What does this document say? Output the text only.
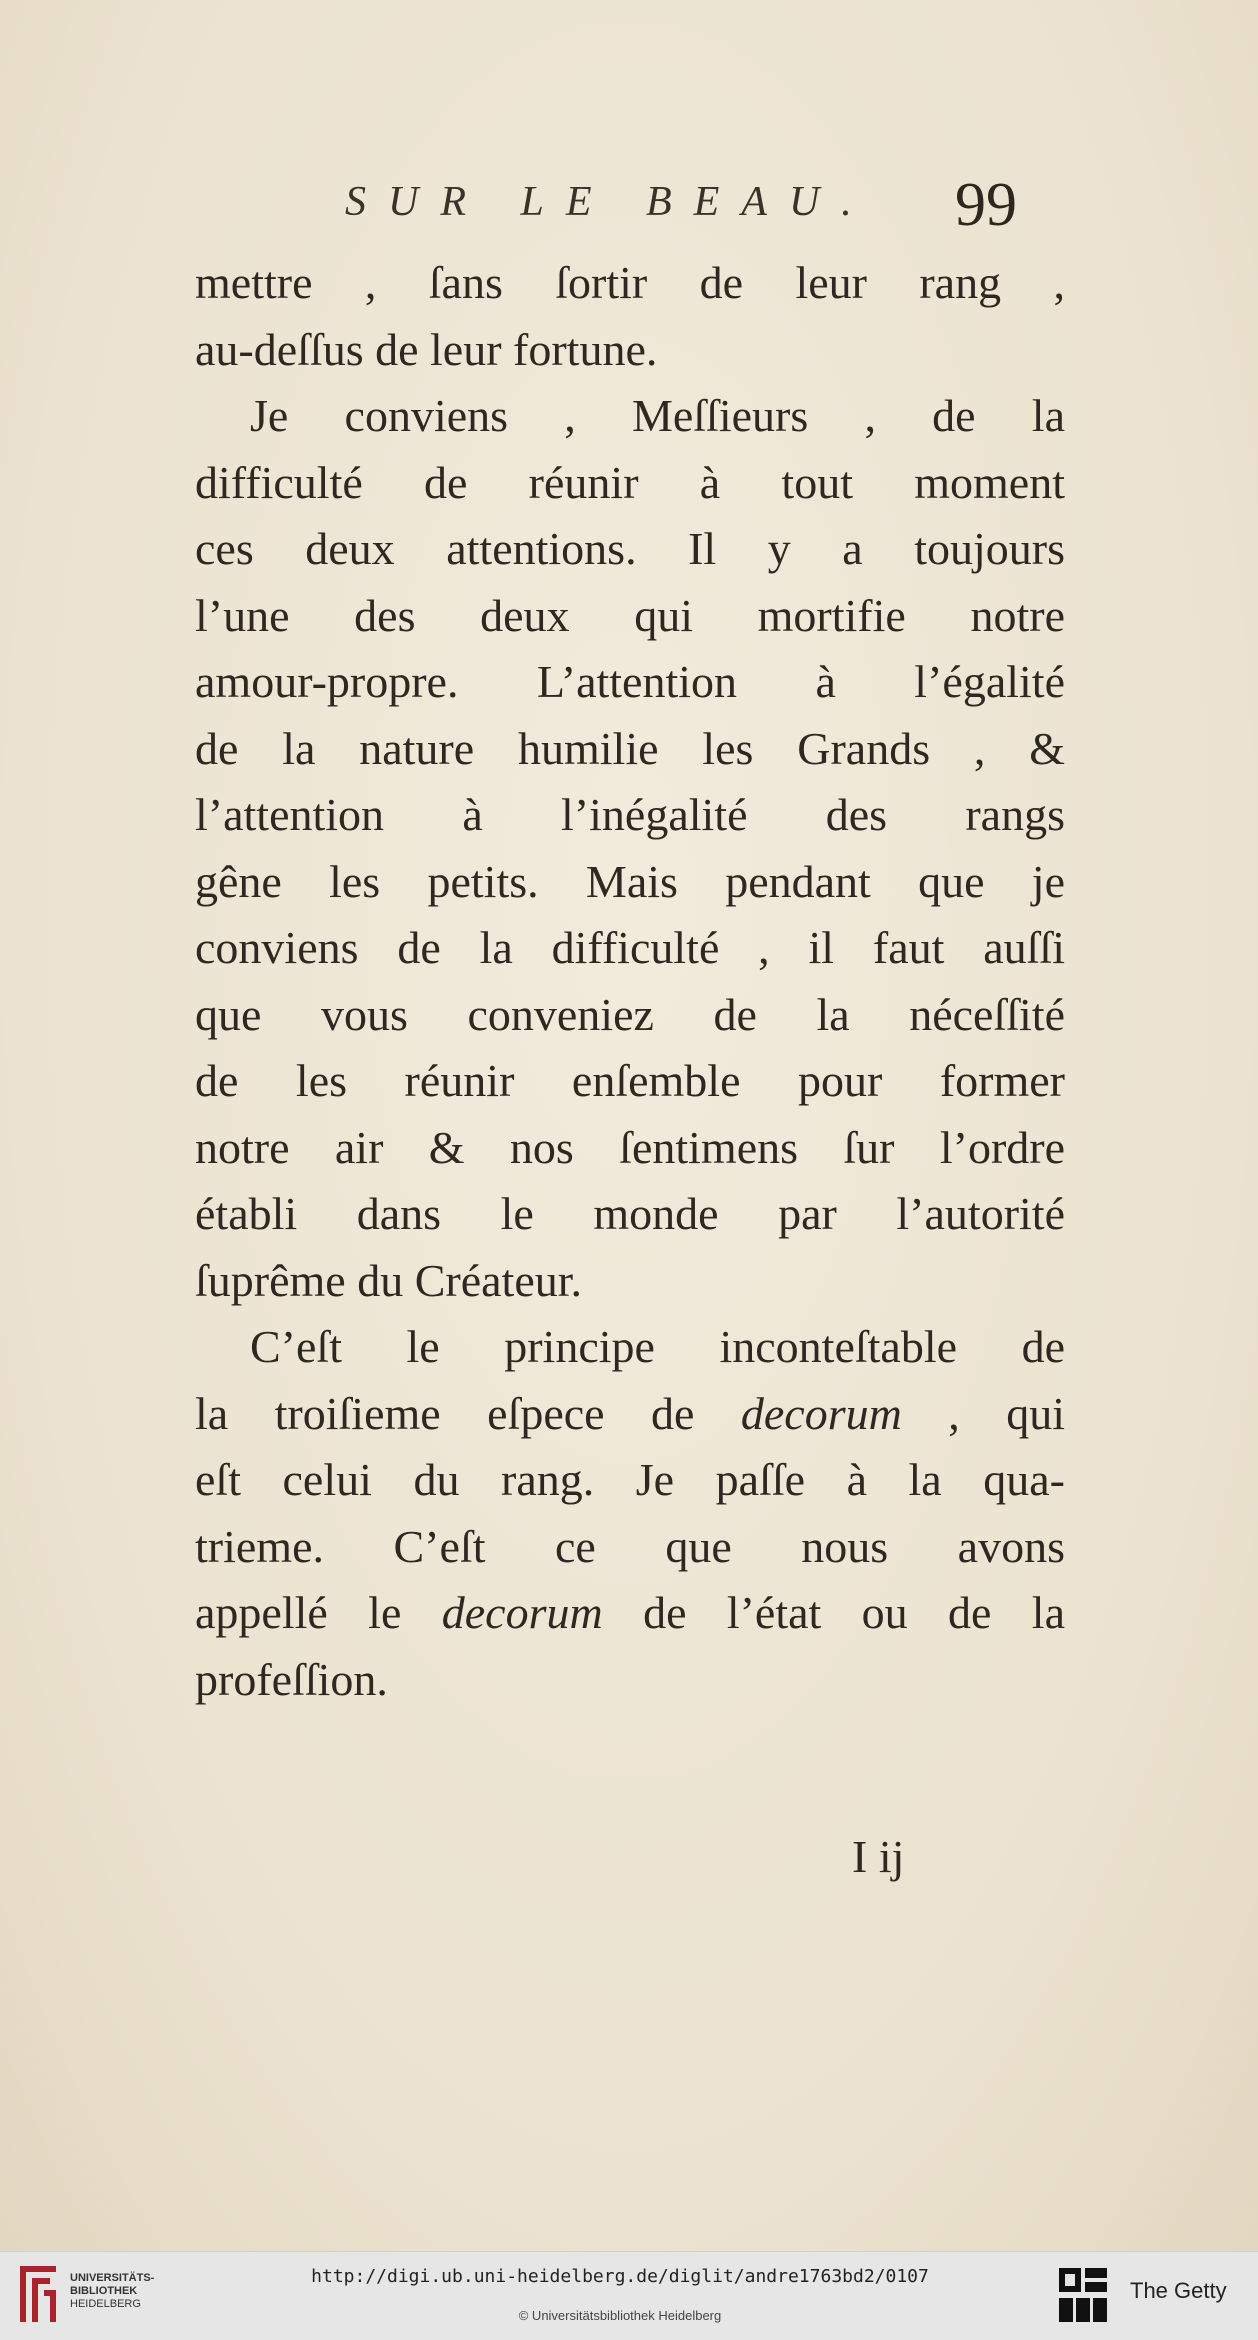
SUR LE BEAU. 99
mettre , ſans ſortir de leur rang ,
au-deſſus de leur fortune.
Je conviens , Meſſieurs , de la
difficulté de réunir à tout moment
ces deux attentions. Il y a toujours
l’une des deux qui mortifie notre
amour-propre. L’attention à l’égalité
de la nature humilie les Grands , &
l’attention à l’inégalité des rangs
gêne les petits. Mais pendant que je
conviens de la difficulté , il faut auſſi
que vous conveniez de la néceſſité
de les réunir enſemble pour former
notre air & nos ſentimens ſur l’ordre
établi dans le monde par l’autorité
ſuprême du Créateur.
C’eſt le principe inconteſtable de
la troiſieme eſpece de decorum , qui
eſt celui du rang. Je paſſe à la qua-
trieme. C’eſt ce que nous avons
appellé le decorum de l’état ou de la
profeſſion.
I ij
UNIVERSITÄTS-
BIBLIOTHEK
HEIDELBERG
http://digi.ub.uni-heidelberg.de/diglit/andre1763bd2/0107
© Universitätsbibliothek Heidelberg
The Getty
